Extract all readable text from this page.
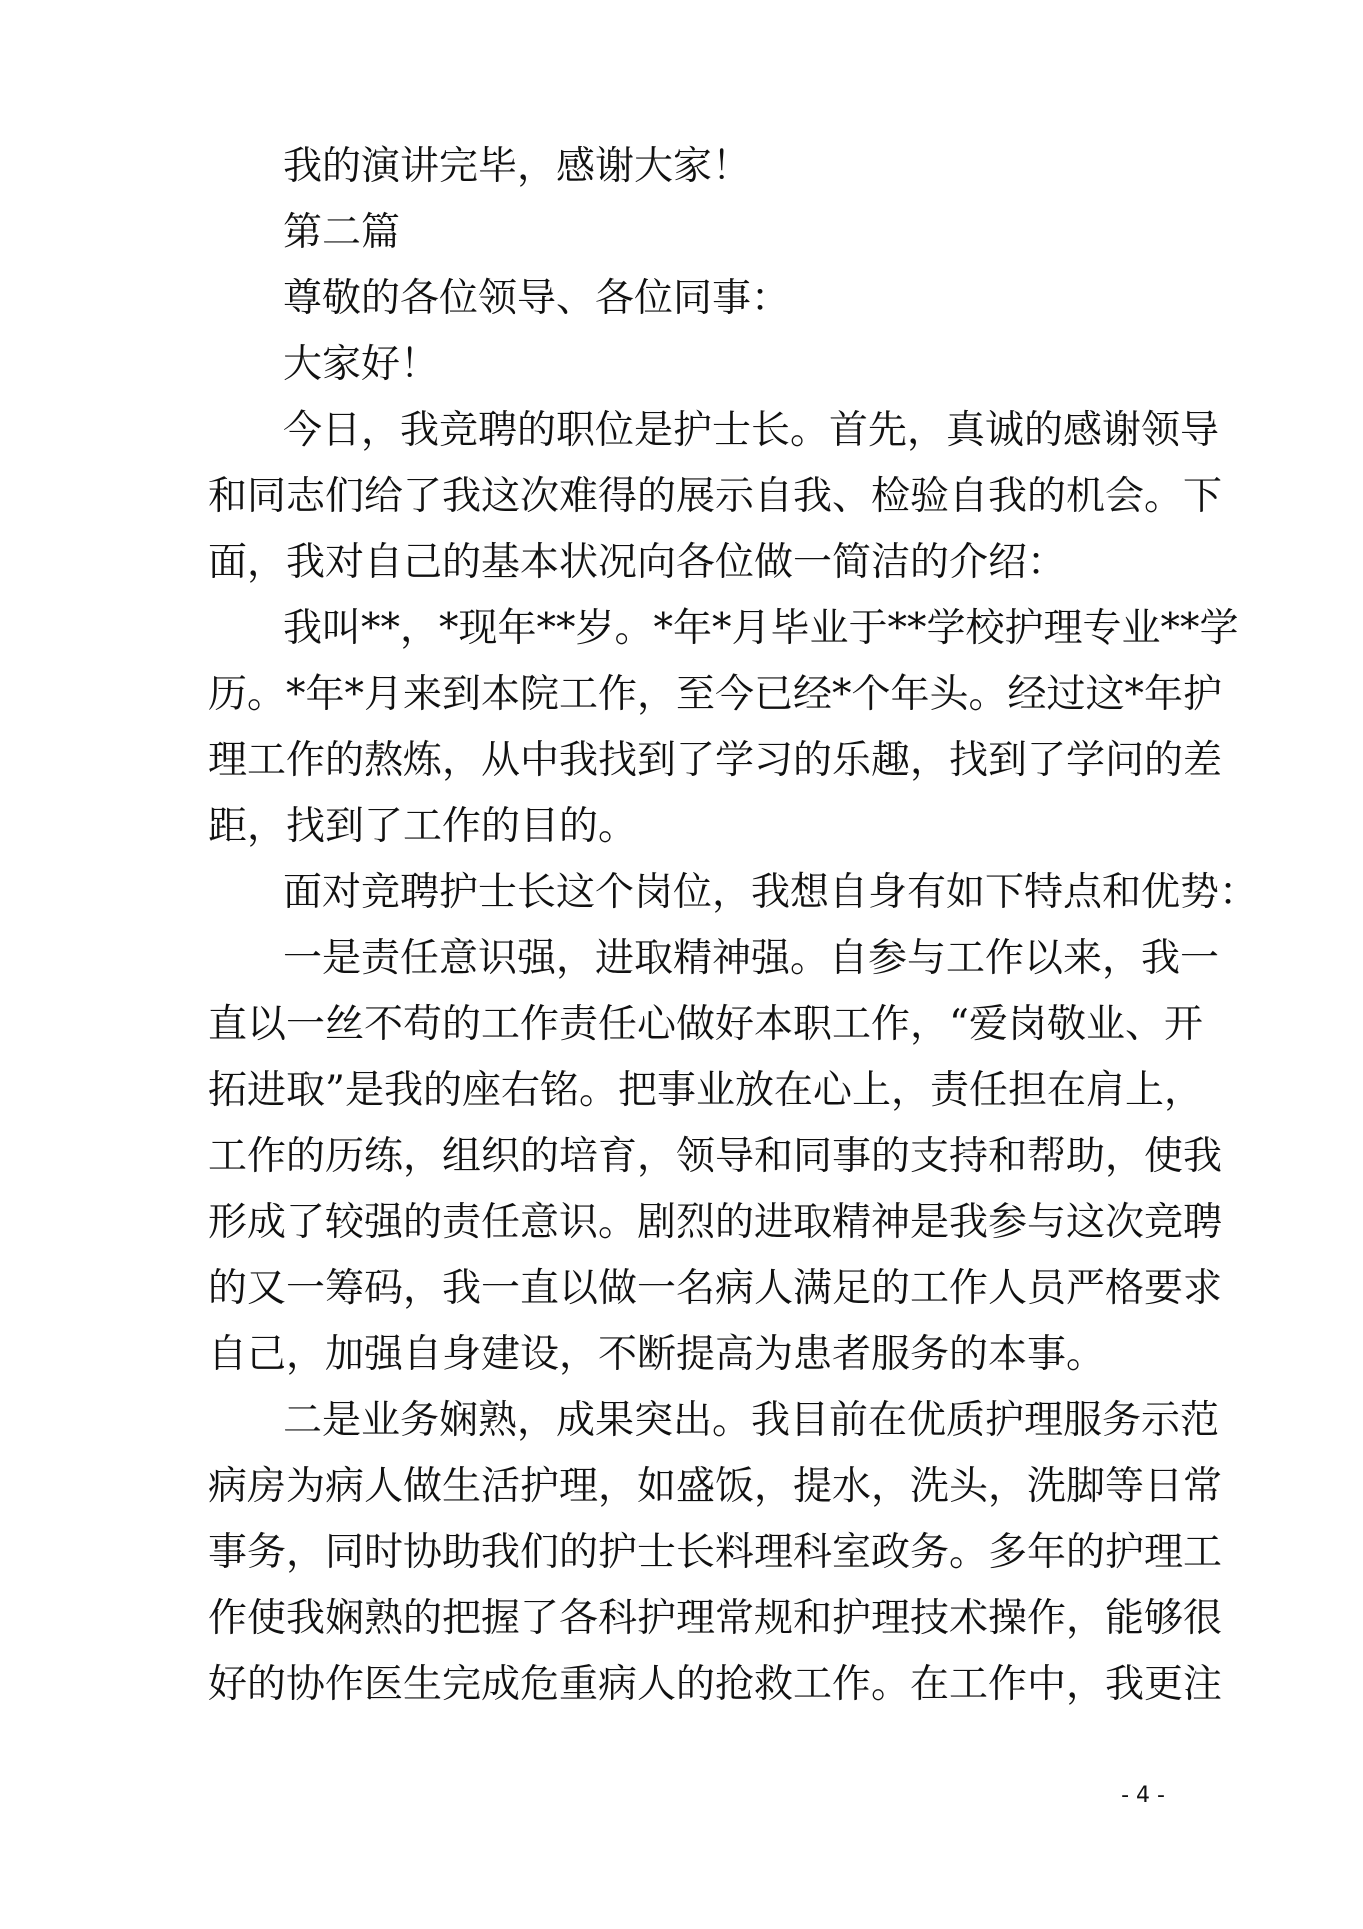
我的演讲完毕，感谢大家！
第二篇
尊敬的各位领导、各位同事：
大家好！
今日，我竞聘的职位是护士长。首先，真诚的感谢领导
和同志们给了我这次难得的展示自我、检验自我的机会。下
面，我对自己的基本状况向各位做一简洁的介绍：
我叫**，*现年**岁。*年*月毕业于**学校护理专业**学
历。*年*月来到本院工作，至今已经*个年头。经过这*年护
理工作的熬炼，从中我找到了学习的乐趣，找到了学问的差
距，找到了工作的目的。
面对竞聘护士长这个岗位，我想自身有如下特点和优势：
一是责任意识强，进取精神强。自参与工作以来，我一
直以一丝不苟的工作责任心做好本职工作，“爱岗敬业、开
拓进取”是我的座右铭。把事业放在心上，责任担在肩上，
工作的历练，组织的培育，领导和同事的支持和帮助，使我
形成了较强的责任意识。剧烈的进取精神是我参与这次竞聘
的又一筹码，我一直以做一名病人满足的工作人员严格要求
自己，加强自身建设，不断提高为患者服务的本事。
二是业务娴熟，成果突出。我目前在优质护理服务示范
病房为病人做生活护理，如盛饭，提水，洗头，洗脚等日常
事务，同时协助我们的护士长料理科室政务。多年的护理工
作使我娴熟的把握了各科护理常规和护理技术操作，能够很
好的协作医生完成危重病人的抢救工作。在工作中，我更注
- 4 -
